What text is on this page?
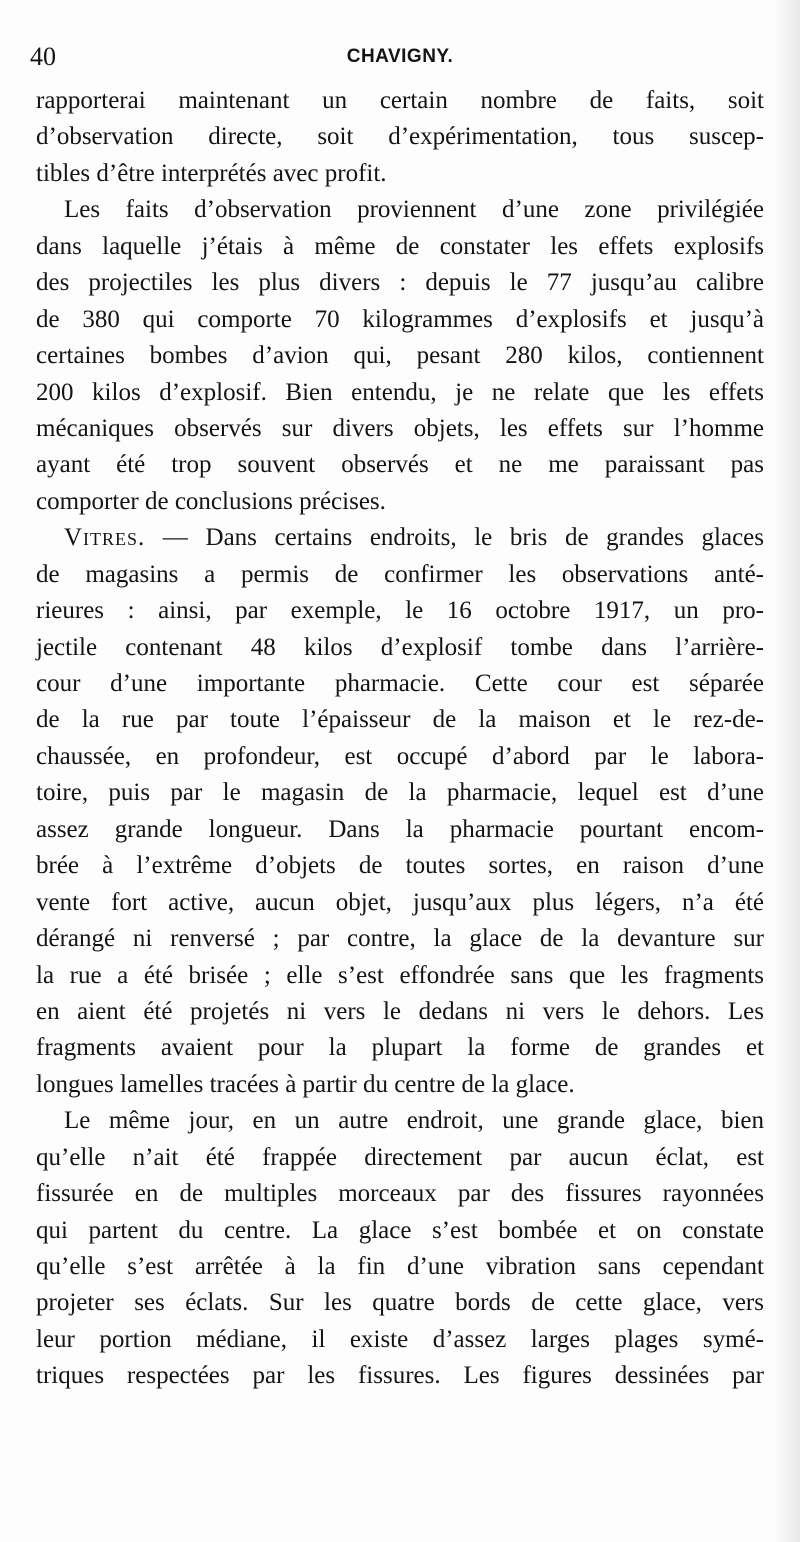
40	CHAVIGNY.
rapporterai maintenant un certain nombre de faits, soit
d’observation directe, soit d’expérimentation, tous suscep-
tibles d’être interprétés avec profit.
Les faits d’observation proviennent d’une zone privilégiée
dans laquelle j’étais à même de constater les effets explosifs
des projectiles les plus divers : depuis le 77 jusqu’au calibre
de 380 qui comporte 70 kilogrammes d’explosifs et jusqu’à
certaines bombes d’avion qui, pesant 280 kilos, contiennent
200 kilos d’explosif. Bien entendu, je ne relate que les effets
mécaniques observés sur divers objets, les effets sur l’homme
ayant été trop souvent observés et ne me paraissant pas
comporter de conclusions précises.
Vitres. — Dans certains endroits, le bris de grandes glaces
de magasins a permis de confirmer les observations anté-
rieures : ainsi, par exemple, le 16 octobre 1917, un pro-
jectile contenant 48 kilos d’explosif tombe dans l’arrière-
cour d’une importante pharmacie. Cette cour est séparée
de la rue par toute l’épaisseur de la maison et le rez-de-
chaussée, en profondeur, est occupé d’abord par le labora-
toire, puis par le magasin de la pharmacie, lequel est d’une
assez grande longueur. Dans la pharmacie pourtant encom-
brée à l’extrême d’objets de toutes sortes, en raison d’une
vente fort active, aucun objet, jusqu’aux plus légers, n’a été
dérangé ni renversé ; par contre, la glace de la devanture sur
la rue a été brisée ; elle s’est effondrée sans que les fragments
en aient été projetés ni vers le dedans ni vers le dehors. Les
fragments avaient pour la plupart la forme de grandes et
longues lamelles tracées à partir du centre de la glace.
Le même jour, en un autre endroit, une grande glace, bien
qu’elle n’ait été frappée directement par aucun éclat, est
fissurée en de multiples morceaux par des fissures rayonnées
qui partent du centre. La glace s’est bombée et on constate
qu’elle s’est arrêtée à la fin d’une vibration sans cependant
projeter ses éclats. Sur les quatre bords de cette glace, vers
leur portion médiane, il existe d’assez larges plages symé-
triques respectées par les fissures. Les figures dessinées par
